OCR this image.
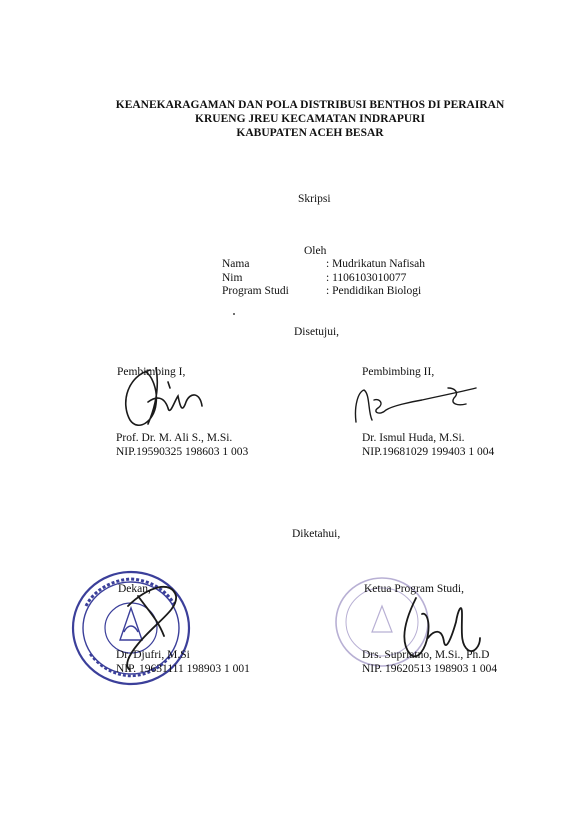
KEANEKARAGAMAN DAN POLA DISTRIBUSI BENTHOS DI PERAIRAN
KRUENG JREU KECAMATAN INDRAPURI
KABUPATEN ACEH BESAR
Skripsi
Oleh
Nama	: Mudrikatun Nafisah
Nim	: 1106103010077
Program Studi	: Pendidikan Biologi
Disetujui,
Pembimbing I,
Prof. Dr. M. Ali S., M.Si.
NIP.19590325 198603 1 003
Pembimbing II,
Dr. Ismul Huda, M.Si.
NIP.19681029 199403 1 004
Diketahui,
Dekan,
Dr. Djufri, M.Si
NIP. 19631111 198903 1 001
Ketua Program Studi,
Drs. Supriatno, M.Si., Ph.D
NIP. 19620513 198903 1 004
